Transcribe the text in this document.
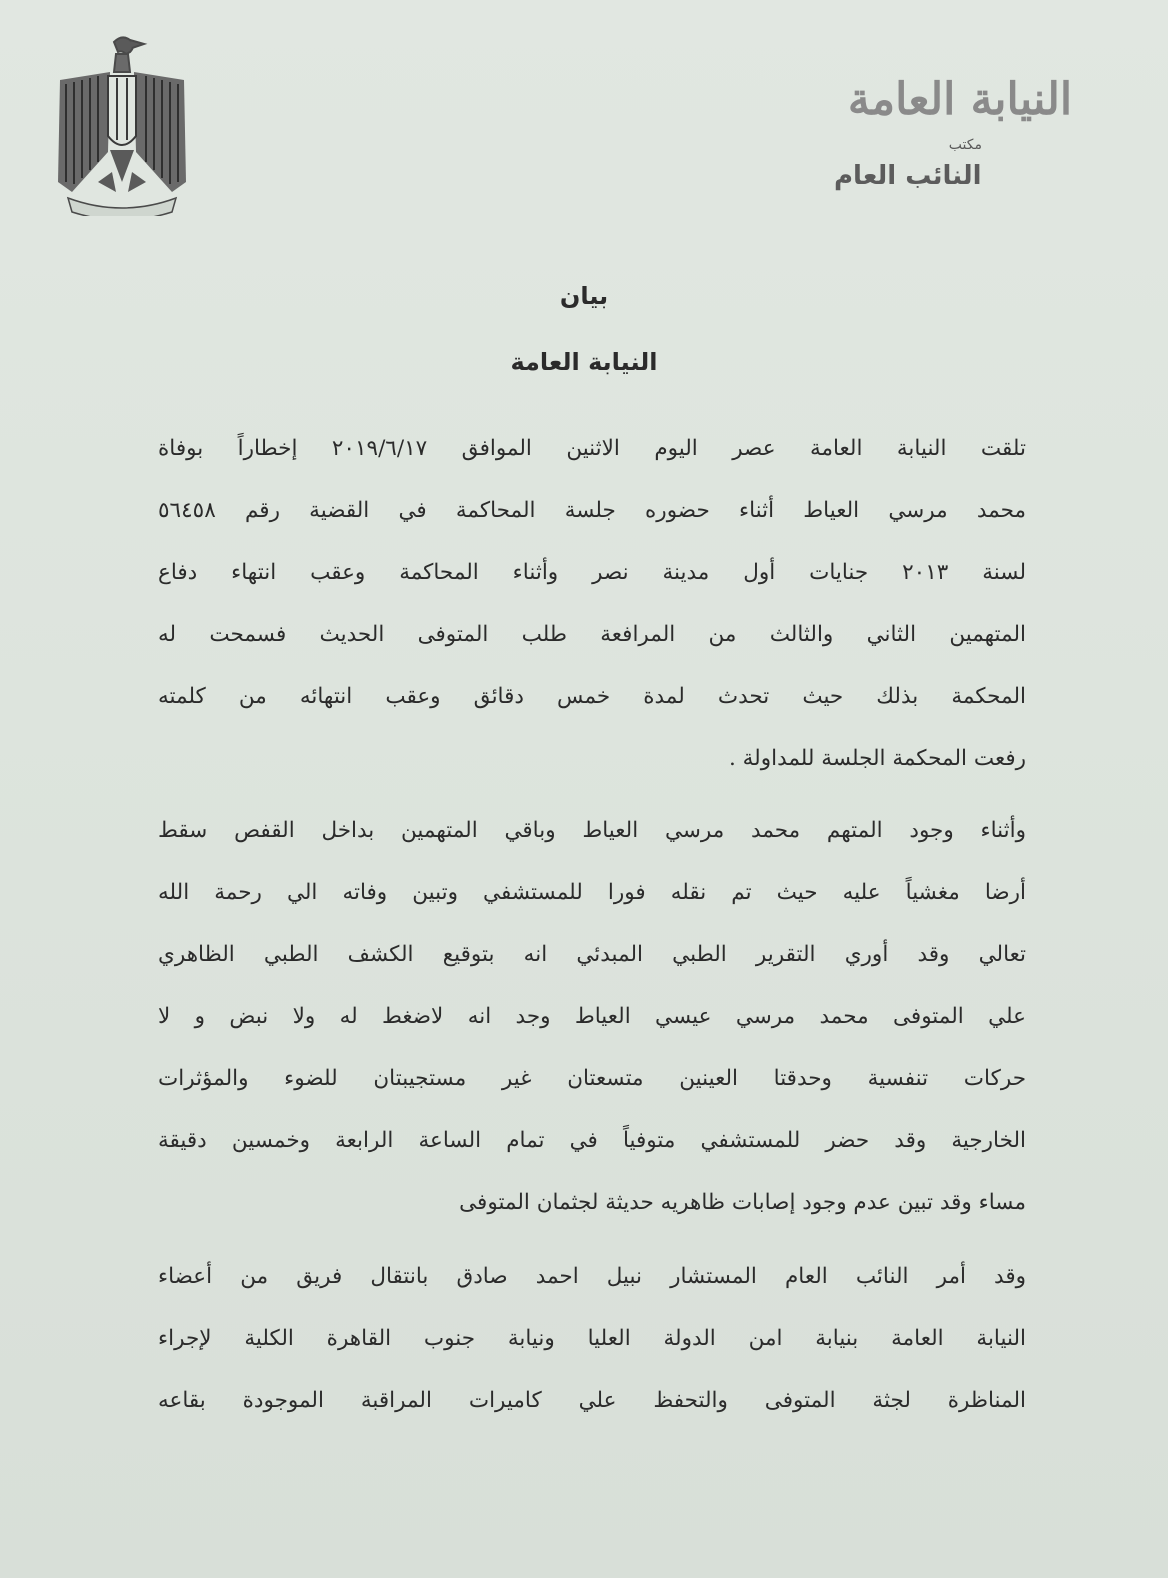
النيابة العامة
مكتب
النائب العام
بيان
النيابة العامة
تلقت النيابة العامة عصر اليوم الاثنين الموافق ٢٠١٩/٦/١٧ إخطاراً بوفاة
محمد مرسي العياط أثناء حضوره جلسة المحاكمة في القضية رقم ٥٦٤٥٨
لسنة ٢٠١٣ جنايات أول مدينة نصر وأثناء المحاكمة وعقب انتهاء دفاع
المتهمين الثاني والثالث من المرافعة طلب المتوفى الحديث فسمحت له
المحكمة بذلك حيث تحدث لمدة خمس دقائق وعقب انتهائه من كلمته
رفعت المحكمة الجلسة للمداولة .
وأثناء وجود المتهم محمد مرسي العياط وباقي المتهمين بداخل القفص سقط
أرضا مغشياً عليه حيث تم نقله فورا للمستشفي وتبين وفاته الي رحمة الله
تعالي وقد أوري التقرير الطبي المبدئي انه بتوقيع الكشف الطبي الظاهري
علي المتوفى محمد مرسي عيسي العياط وجد انه لاضغط له ولا نبض و لا
حركات تنفسية وحدقتا العينين متسعتان غير مستجيبتان للضوء والمؤثرات
الخارجية وقد حضر للمستشفي متوفياً في تمام الساعة الرابعة وخمسين دقيقة
مساء وقد تبين عدم وجود إصابات ظاهريه حديثة لجثمان المتوفى
وقد أمر النائب العام المستشار نبيل احمد صادق بانتقال فريق من أعضاء
النيابة العامة بنيابة امن الدولة العليا ونيابة جنوب القاهرة الكلية لإجراء
المناظرة لجثة المتوفى والتحفظ علي كاميرات المراقبة الموجودة بقاعه
